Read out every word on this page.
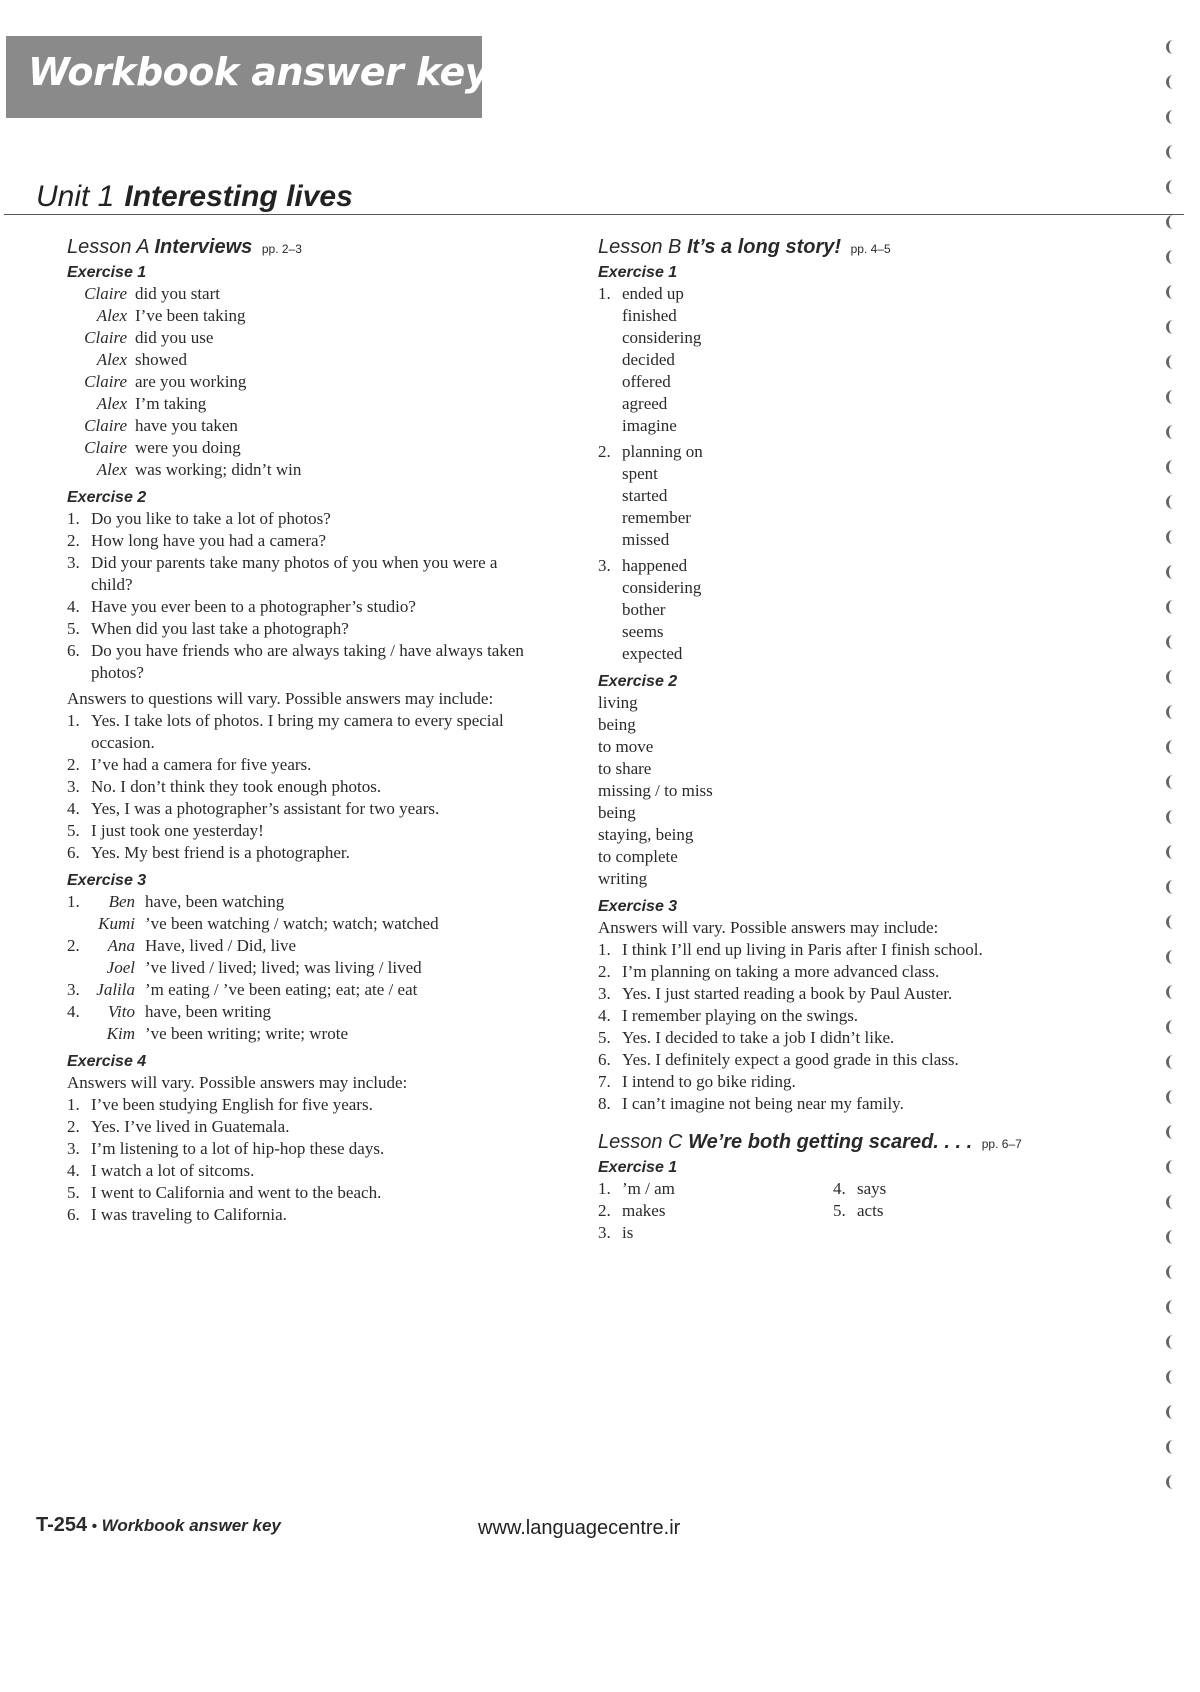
Workbook answer key
Unit 1 Interesting lives
Lesson A Interviews pp. 2–3
Exercise 1
Claire did you start
Alex I’ve been taking
Claire did you use
Alex showed
Claire are you working
Alex I’m taking
Claire have you taken
Claire were you doing
Alex was working; didn’t win
Exercise 2
1. Do you like to take a lot of photos?
2. How long have you had a camera?
3. Did your parents take many photos of you when you were a child?
4. Have you ever been to a photographer’s studio?
5. When did you last take a photograph?
6. Do you have friends who are always taking / have always taken photos?
Answers to questions will vary. Possible answers may include:
1. Yes. I take lots of photos. I bring my camera to every special occasion.
2. I’ve had a camera for five years.
3. No. I don’t think they took enough photos.
4. Yes, I was a photographer’s assistant for two years.
5. I just took one yesterday!
6. Yes. My best friend is a photographer.
Exercise 3
1.	Ben have, been watching
Kumi ’ve been watching / watch; watch; watched
2.	Ana Have, lived / Did, live
Joel ’ve lived / lived; lived; was living / lived
3. Jalila ’m eating / ’ve been eating; eat; ate / eat
4.	Vito have, been writing
Kim ’ve been writing; write; wrote
Exercise 4
Answers will vary. Possible answers may include:
1. I’ve been studying English for five years.
2. Yes. I’ve lived in Guatemala.
3. I’m listening to a lot of hip-hop these days.
4. I watch a lot of sitcoms.
5. I went to California and went to the beach.
6. I was traveling to California.
Lesson B It’s a long story! pp. 4–5
Exercise 1
1. ended up
finished
considering
decided
offered
agreed
imagine
2. planning on
spent
started
remember
missed
3. happened
considering
bother
seems
expected
Exercise 2
living
being
to move
to share
missing / to miss
being
staying, being
to complete
writing
Exercise 3
Answers will vary. Possible answers may include:
1. I think I’ll end up living in Paris after I finish school.
2. I’m planning on taking a more advanced class.
3. Yes. I just started reading a book by Paul Auster.
4. I remember playing on the swings.
5. Yes. I decided to take a job I didn’t like.
6. Yes. I definitely expect a good grade in this class.
7. I intend to go bike riding.
8. I can’t imagine not being near my family.
Lesson C We’re both getting scared. . . . pp. 6–7
Exercise 1
1. ’m / am
2. makes
3. is
4. says
5. acts
T-254 • Workbook answer key	www.languagecentre.ir
